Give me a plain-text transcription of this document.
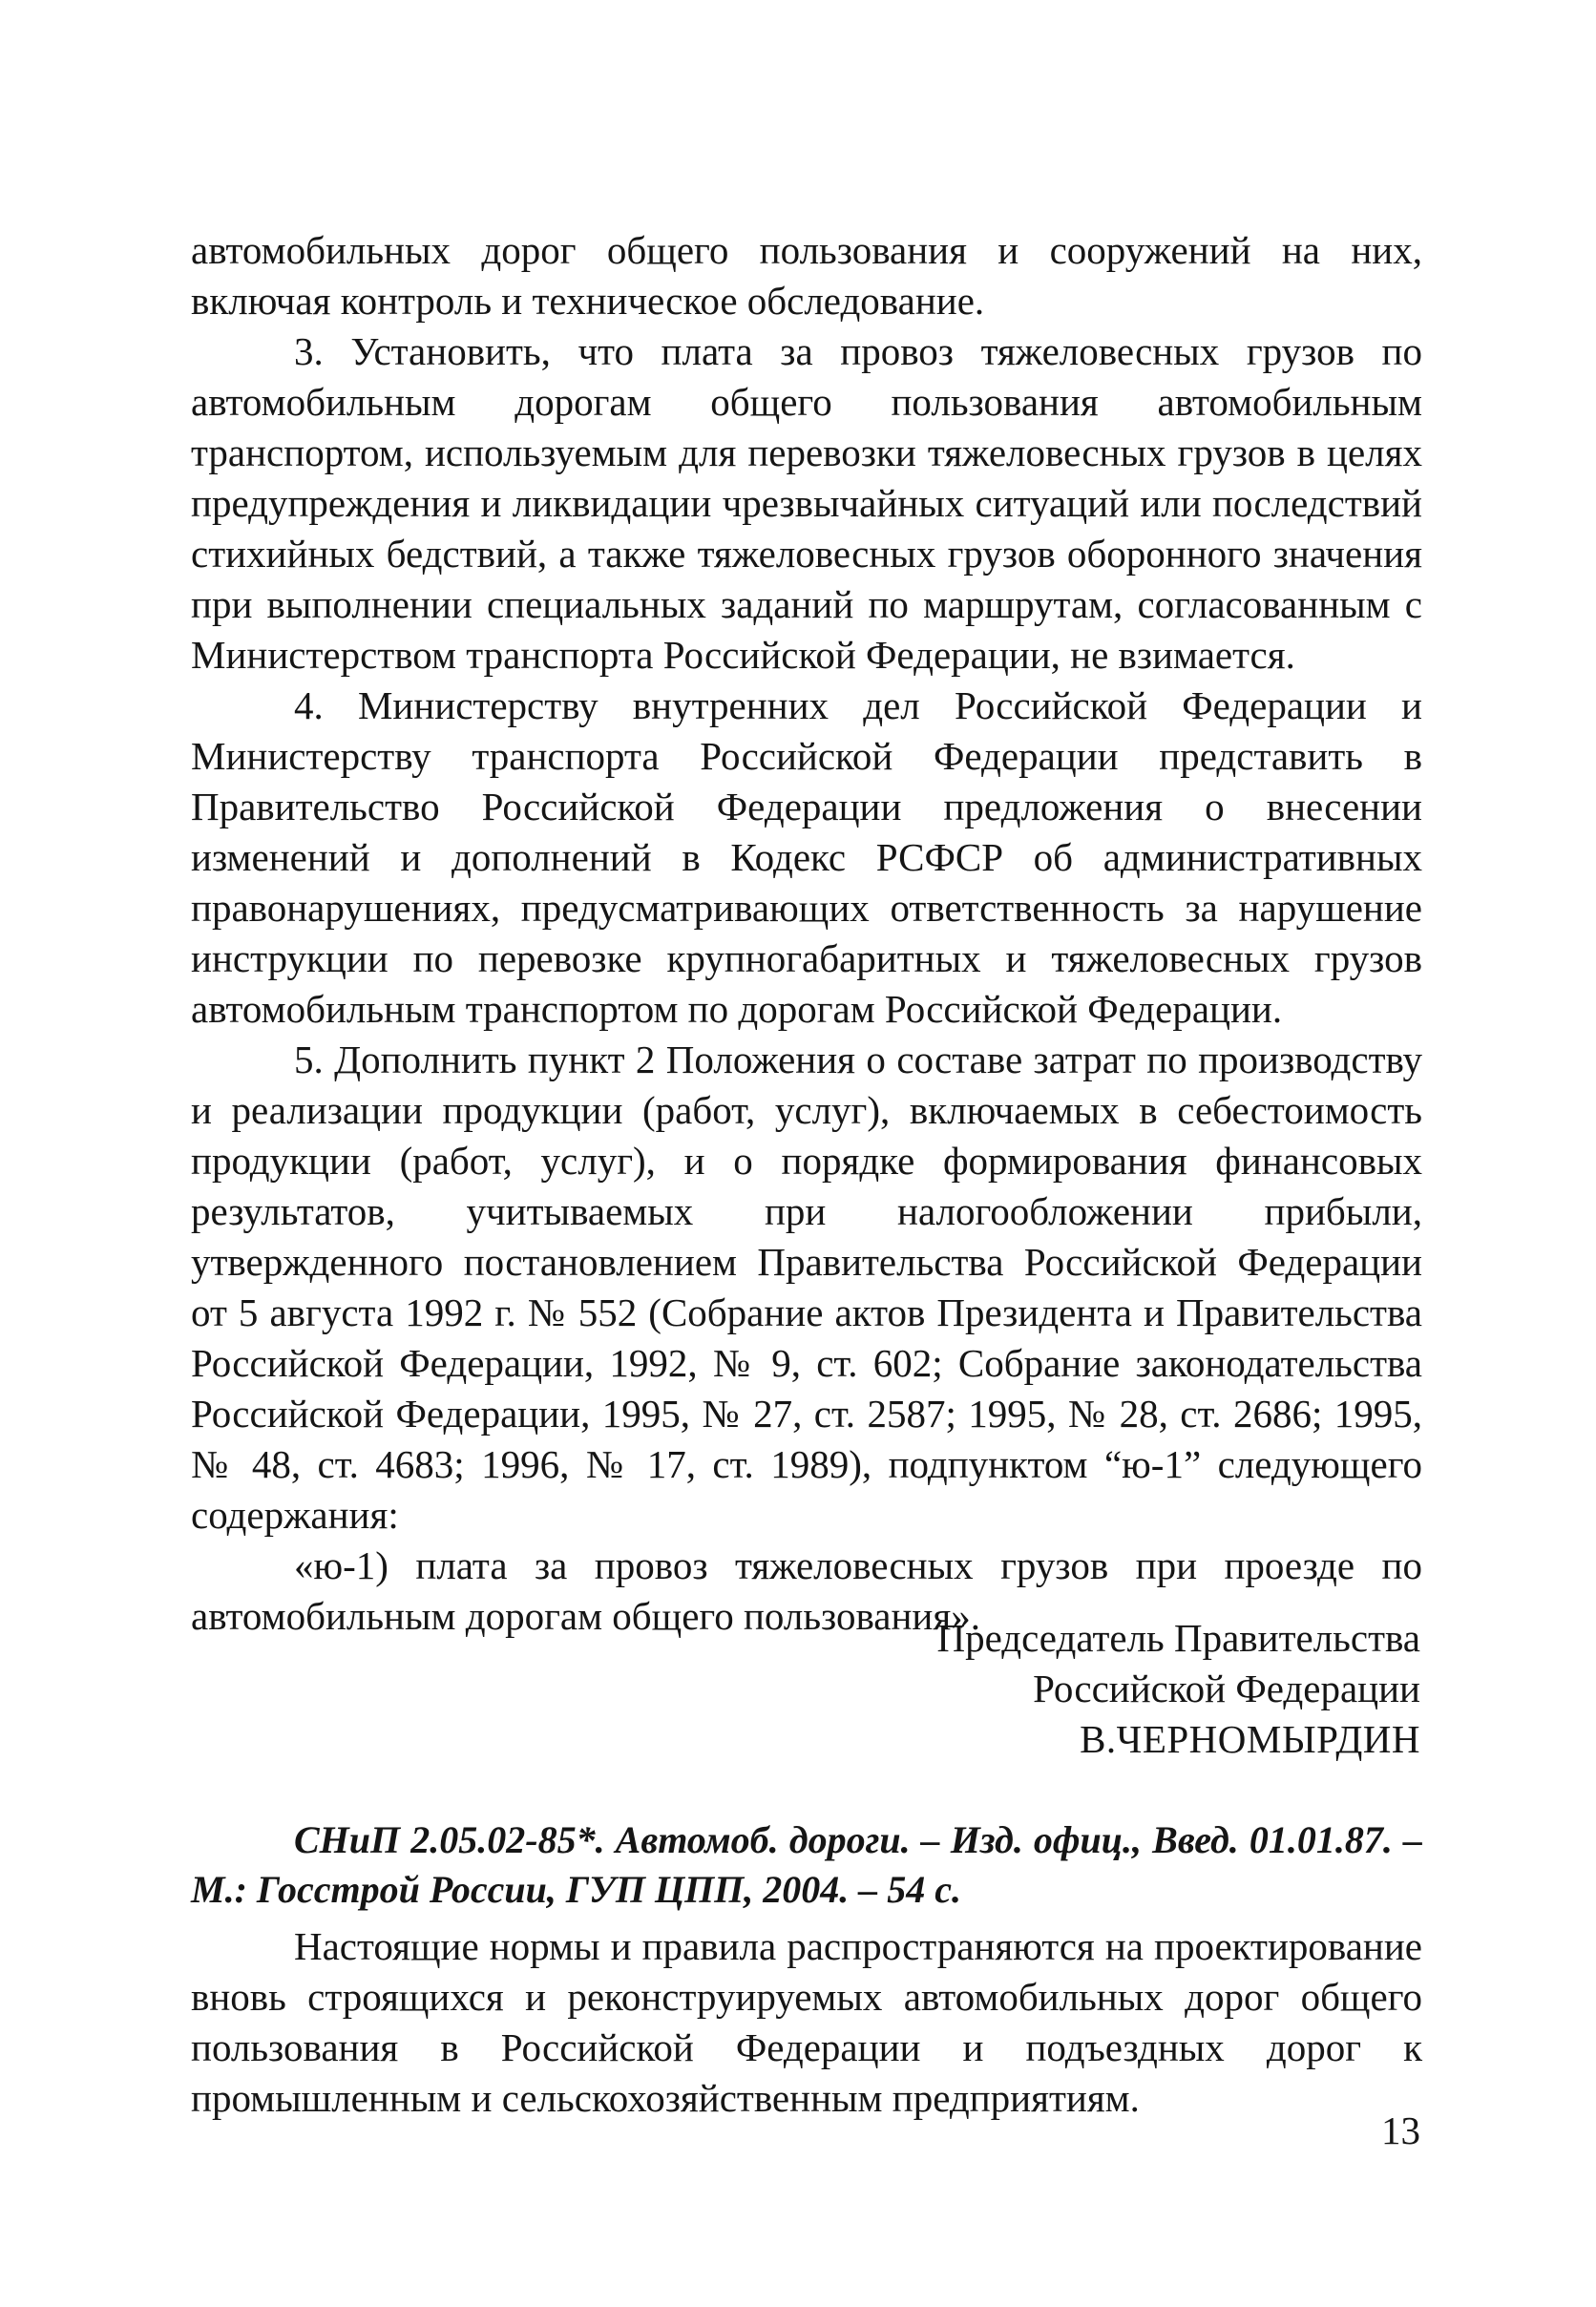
автомобильных дорог общего пользования и сооружений на них, включая контроль и техническое обследование.

3. Установить, что плата за провоз тяжеловесных грузов по автомобильным дорогам общего пользования автомобильным транспортом, используемым для перевозки тяжеловесных грузов в целях предупреждения и ликвидации чрезвычайных ситуаций или последствий стихийных бедствий, а также тяжеловесных грузов оборонного значения при выполнении специальных заданий по маршрутам, согласованным с Министерством транспорта Российской Федерации, не взимается.

4. Министерству внутренних дел Российской Федерации и Министерству транспорта Российской Федерации представить в Правительство Российской Федерации предложения о внесении изменений и дополнений в Кодекс РСФСР об административных правонарушениях, предусматривающих ответственность за нарушение инструкции по перевозке крупногабаритных и тяжеловесных грузов автомобильным транспортом по дорогам Российской Федерации.

5. Дополнить пункт 2 Положения о составе затрат по производству и реализации продукции (работ, услуг), включаемых в себестоимость продукции (работ, услуг), и о порядке формирования финансовых результатов, учитываемых при налогообложении прибыли, утвержденного постановлением Правительства Российской Федерации от 5 августа 1992 г. № 552 (Собрание актов Президента и Правительства Российской Федерации, 1992, № 9, ст. 602; Собрание законодательства Российской Федерации, 1995, № 27, ст. 2587; 1995, № 28, ст. 2686; 1995, № 48, ст. 4683; 1996, № 17, ст. 1989), подпунктом “ю-1” следующего содержания:

«ю-1) плата за провоз тяжеловесных грузов при проезде по автомобильным дорогам общего пользования».

Председатель Правительства
Российской Федерации
В.ЧЕРНОМЫРДИН
СНиП 2.05.02-85*. Автомоб. дороги. – Изд. офиц., Введ. 01.01.87. – М.: Госстрой России, ГУП ЦПП, 2004. – 54 с.
Настоящие нормы и правила распространяются на проектирование вновь строящихся и реконструируемых автомобильных дорог общего пользования в Российской Федерации и подъездных дорог к промышленным и сельскохозяйственным предприятиям.
13
